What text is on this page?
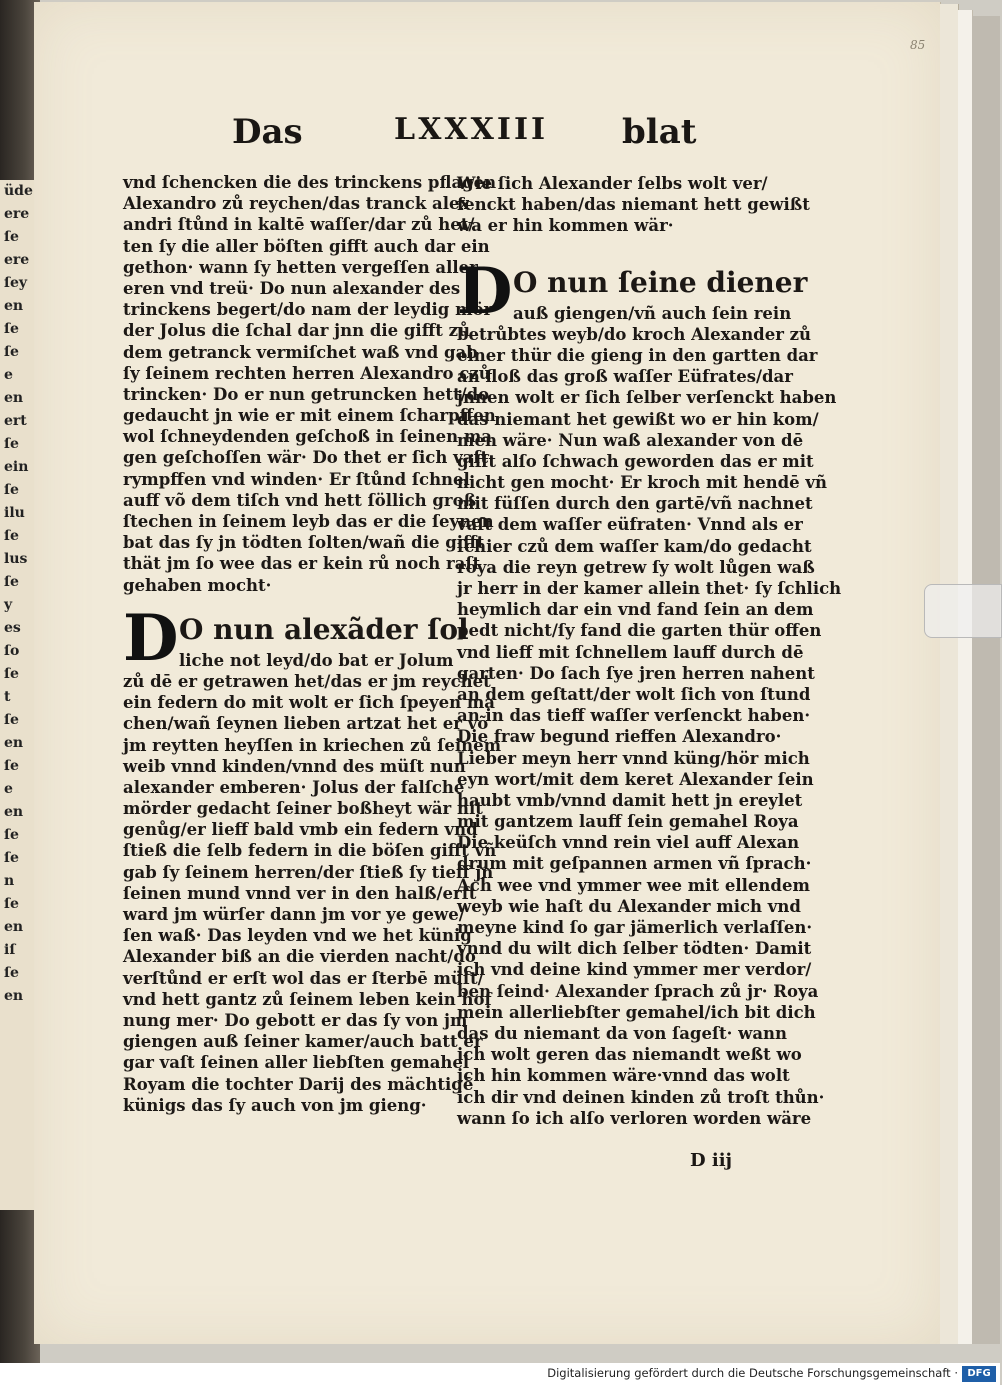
üde
ere
ſe
ere
ſey
en
ſe
ſe
e
en
ert
ſe
ein
ſe
ilu
ſe
lus
ſe
y
es
ſo
ſe
t
ſe
en
ſe
e
en
ſe
ſe
n
ſe
en
iſ
ſe
en
85
Das	LXXXIII blat
vnd ſchencken die des trinckens pflagen
Alexandro zů reychen/das tranck alex
andri ſtůnd in kaltē waſſer/dar zů het/
ten ſy die aller böſten gifft auch dar ein
gethon· wann ſy hetten vergeſſen aller
eren vnd treü· Do nun alexander des
trinckens begert/do nam der leydig mör
der Jolus die ſchal dar jnn die gifft zů
dem getranck vermiſchet waß vnd gab
ſy ſeinem rechten herren Alexandro czů
trincken· Do er nun getruncken hett/do
gedaucht jn wie er mit einem ſcharpffen
wol ſchneydenden geſchoß in ſeinen ma
gen geſchoſſen wär· Do thet er ſich vaſt
rympffen vnd winden· Er ſtůnd ſchnel
auff võ dem tiſch vnd hett ſöllich groß
ſtechen in ſeinem leyb das er die ſeynen
bat das ſy jn tödten ſolten/wañ die gifft
thät jm ſo wee das er kein rů noch raſt
gehaben mocht·
D O nun alexãder ſol
liche not leyd/do bat er Jolum
zů dē er getrawen het/das er jm reychet
ein federn do mit wolt er ſich ſpeyen ma
chen/wañ ſeynen lieben artzat het er võ
jm reytten heyſſen in kriechen zů ſeinem
weib vnnd kinden/vnnd des müſt nun
alexander emberen· Jolus der falſche
mörder gedacht ſeiner boßheyt wär nit
genůg/er lieff bald vmb ein federn vnd
ſtieß die ſelb federn in die böſen gifft vñ
gab ſy ſeinem herren/der ſtieß ſy tieff jn
ſeinen mund vnnd ver in den halß/erſt
ward jm würſer dann jm vor ye gewe/
ſen waß· Das leyden vnd we het künig
Alexander biß an die vierden nacht/do
verſtůnd er erſt wol das er ſterbē müſt/
vnd hett gantz zů ſeinem leben kein hof
nung mer· Do gebott er das ſy von jm
giengen auß ſeiner kamer/auch batt er
gar vaſt ſeinen aller liebſten gemahel
Royam die tochter Darij des mächtigē
künigs das ſy auch von jm gieng·
Wie ſich Alexander ſelbs wolt ver/
ſenckt haben/das niemant hett gewißt
wa er hin kommen wär·
D O nun ſeine diener
auß giengen/vñ auch ſein rein
betrůbtes weyb/do kroch Alexander zů
einer thür die gieng in den gartten dar
an floß das groß waſſer Eüfrates/dar
jnnen wolt er ſich ſelber verſenckt haben
das niemant het gewißt wo er hin kom/
men wäre· Nun waß alexander von dē
gifft alſo ſchwach geworden das er mit
nicht gen mocht· Er kroch mit hendē vñ
mit füſſen durch den gartē/vñ nachnet
vaſt dem waſſer eüfraten· Vnnd als er
ſchier czů dem waſſer kam/do gedacht
roya die reyn getrew ſy wolt lůgen waß
jr herr in der kamer allein thet· ſy ſchlich
heymlich dar ein vnd fand ſein an dem
pedt nicht/ſy fand die garten thür offen
vnd lieff mit ſchnellem lauff durch dē
garten· Do ſach ſye jren herren nahent
an dem geſtatt/der wolt ſich von ſtund
an in das tieff waſſer verſenckt haben·
Die fraw begund rieffen Alexandro·
Lieber meyn herr vnnd küng/hör mich
eyn wort/mit dem keret Alexander ſein
haubt vmb/vnnd damit hett jn ereylet
mit gantzem lauff ſein gemahel Roya
Die keüſch vnnd rein viel auff Alexan
drum mit geſpannen armen vñ ſprach·
Ach wee vnd ymmer wee mit ellendem
weyb wie haſt du Alexander mich vnd
meyne kind ſo gar jämerlich verlaſſen·
vnnd du wilt dich ſelber tödten· Damit
ich vnd deine kind ymmer mer verdor/
ben ſeind· Alexander ſprach zů jr· Roya
mein allerliebſter gemahel/ich bit dich
das du niemant da von ſageſt· wann
ich wolt geren das niemandt weßt wo
ich hin kommen wäre·vnnd das wolt
ich dir vnd deinen kinden zů troſt thůn·
wann ſo ich alſo verloren worden wäre
D iij
Digitalisierung gefördert durch die Deutsche Forschungsgemeinschaft · DFG
